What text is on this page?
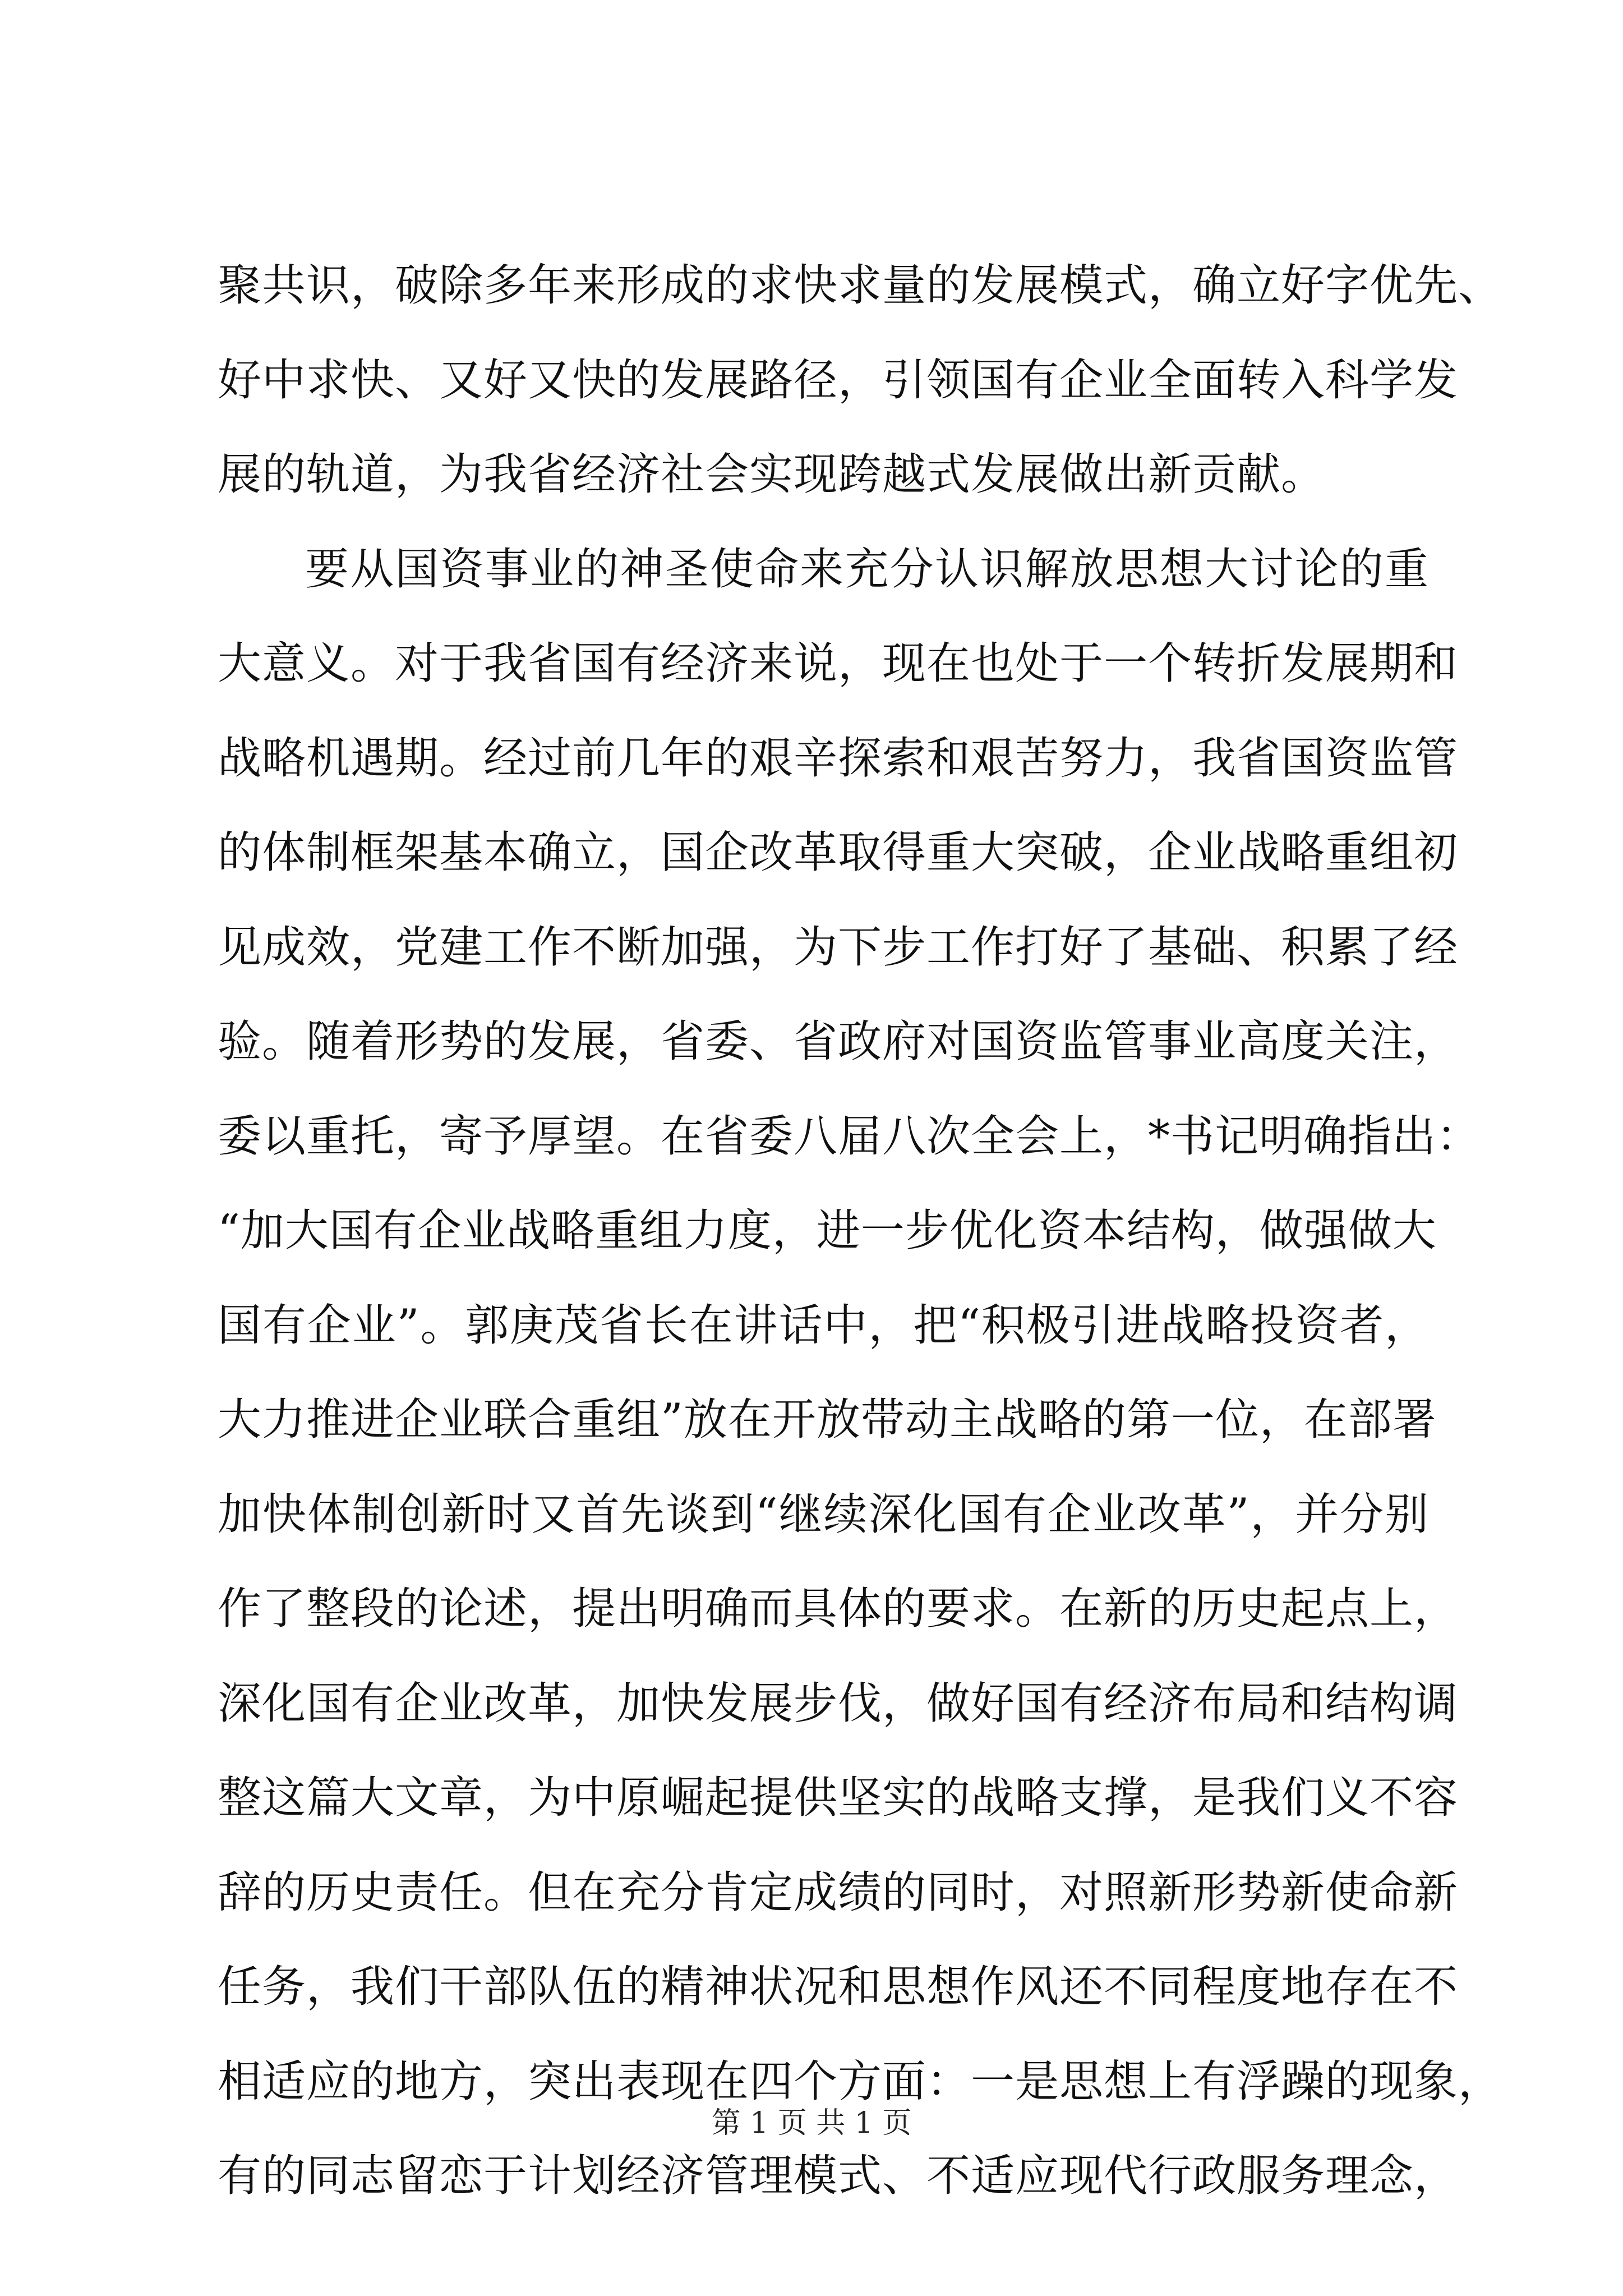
聚共识，破除多年来形成的求快求量的发展模式，确立好字优先、
好中求快、又好又快的发展路径，引领国有企业全面转入科学发
展的轨道，为我省经济社会实现跨越式发展做出新贡献。
要从国资事业的神圣使命来充分认识解放思想大讨论的重
大意义。对于我省国有经济来说，现在也处于一个转折发展期和
战略机遇期。经过前几年的艰辛探索和艰苦努力，我省国资监管
的体制框架基本确立，国企改革取得重大突破，企业战略重组初
见成效，党建工作不断加强，为下步工作打好了基础、积累了经
验。随着形势的发展，省委、省政府对国资监管事业高度关注，
委以重托，寄予厚望。在省委八届八次全会上，*书记明确指出：
“加大国有企业战略重组力度，进一步优化资本结构，做强做大
国有企业”。郭庚茂省长在讲话中，把“积极引进战略投资者，
大力推进企业联合重组”放在开放带动主战略的第一位，在部署
加快体制创新时又首先谈到“继续深化国有企业改革”，并分别
作了整段的论述，提出明确而具体的要求。在新的历史起点上，
深化国有企业改革，加快发展步伐，做好国有经济布局和结构调
整这篇大文章，为中原崛起提供坚实的战略支撑，是我们义不容
辞的历史责任。但在充分肯定成绩的同时，对照新形势新使命新
任务，我们干部队伍的精神状况和思想作风还不同程度地存在不
相适应的地方，突出表现在四个方面：一是思想上有浮躁的现象，
有的同志留恋于计划经济管理模式、不适应现代行政服务理念，
第 1 页 共 1 页
